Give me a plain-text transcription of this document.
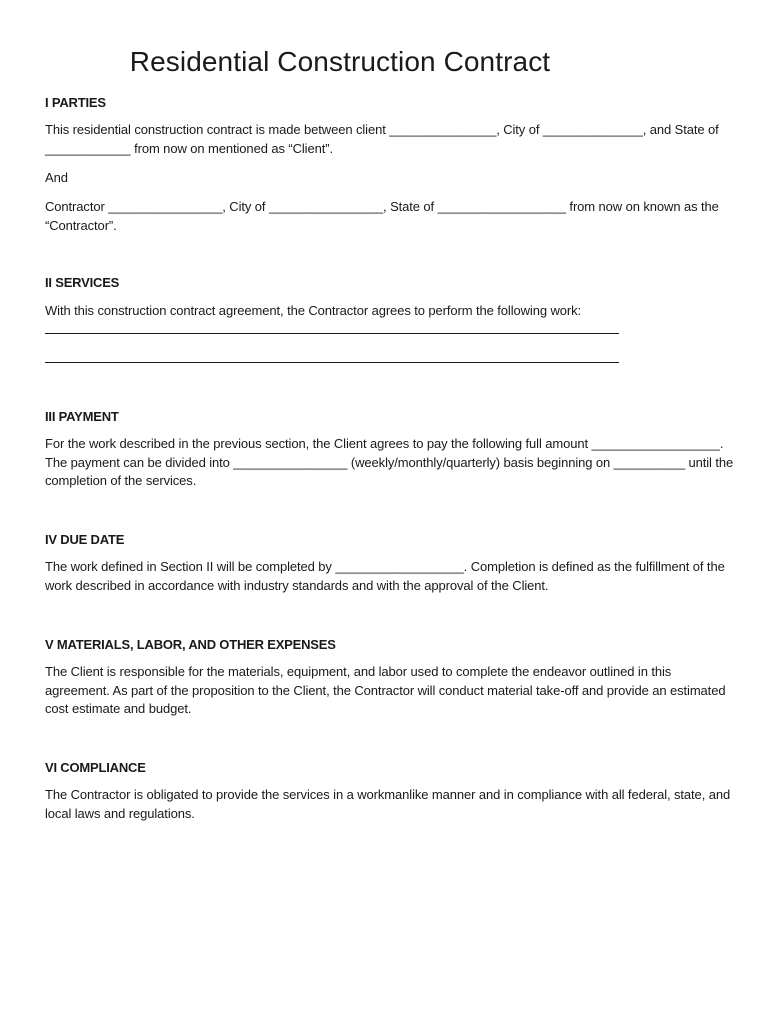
Residential Construction Contract
I PARTIES

This residential construction contract is made between client _______________, City of ______________, and State of ____________ from now on mentioned as “Client”.

And

Contractor ________________, City of ________________, State of __________________ from now on known as the “Contractor”.

II SERVICES

With this construction contract agreement, the Contractor agrees to perform the following work:

III PAYMENT

For the work described in the previous section, the Client agrees to pay the following full amount __________________. The payment can be divided into ________________ (weekly/monthly/quarterly) basis beginning on __________ until the completion of the services.

IV DUE DATE

The work defined in Section II will be completed by __________________. Completion is defined as the fulfillment of the work described in accordance with industry standards and with the approval of the Client.

V MATERIALS, LABOR, AND OTHER EXPENSES

The Client is responsible for the materials, equipment, and labor used to complete the endeavor outlined in this agreement. As part of the proposition to the Client, the Contractor will conduct material take-off and provide an estimated cost estimate and budget.

VI COMPLIANCE

The Contractor is obligated to provide the services in a workmanlike manner and in compliance with all federal, state, and local laws and regulations.
